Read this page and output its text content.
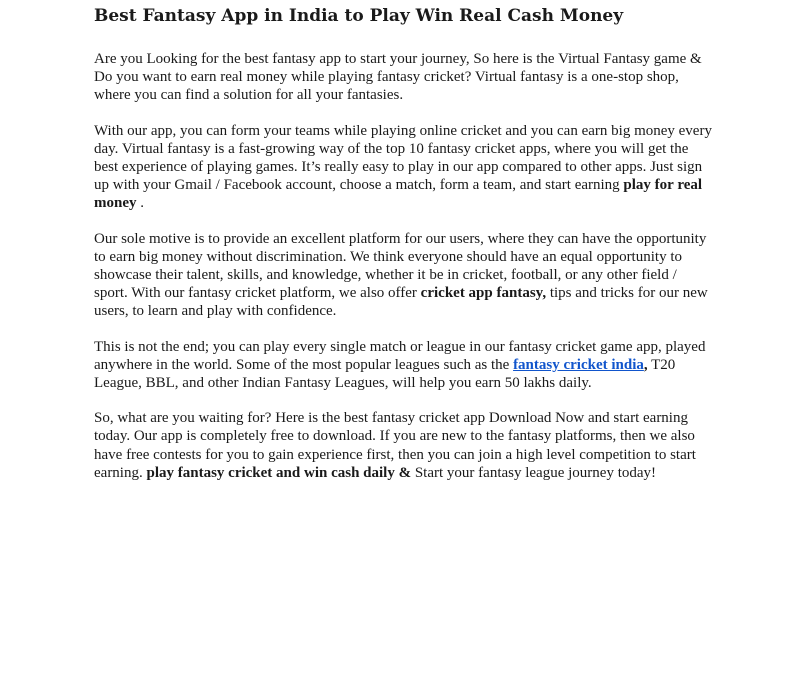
Best Fantasy App in India to Play Win Real Cash Money

Are you Looking for the best fantasy app to start your journey, So here is the Virtual Fantasy game & Do you want to earn real money while playing fantasy cricket? Virtual fantasy is a one-stop shop, where you can find a solution for all your fantasies.

With our app, you can form your teams while playing online cricket and you can earn big money every day. Virtual fantasy is a fast-growing way of the top 10 fantasy cricket apps, where you will get the best experience of playing games. It’s really easy to play in our app compared to other apps. Just sign up with your Gmail / Facebook account, choose a match, form a team, and start earning play for real money .

Our sole motive is to provide an excellent platform for our users, where they can have the opportunity to earn big money without discrimination. We think everyone should have an equal opportunity to showcase their talent, skills, and knowledge, whether it be in cricket, football, or any other field / sport. With our fantasy cricket platform, we also offer cricket app fantasy, tips and tricks for our new users, to learn and play with confidence.

This is not the end; you can play every single match or league in our fantasy cricket game app, played anywhere in the world. Some of the most popular leagues such as the fantasy cricket india, T20 League, BBL, and other Indian Fantasy Leagues, will help you earn 50 lakhs daily.

So, what are you waiting for? Here is the best fantasy cricket app Download Now and start earning today. Our app is completely free to download. If you are new to the fantasy platforms, then we also have free contests for you to gain experience first, then you can join a high level competition to start earning. play fantasy cricket and win cash daily & Start your fantasy league journey today!
